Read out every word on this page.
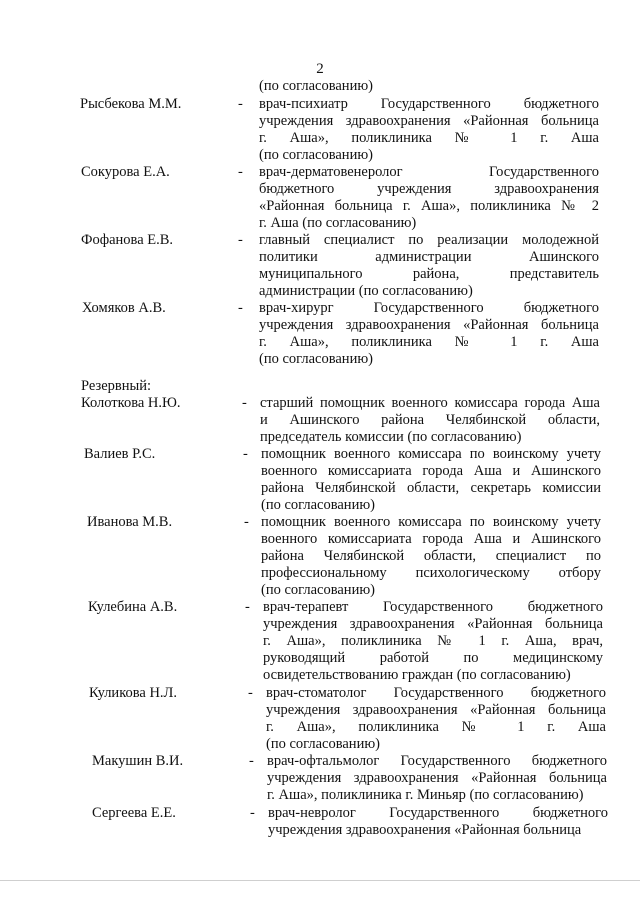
2
(по согласованию)
Резервный:
Рысбекова М.М.	- врач-психиатр Государственного бюджетного
учреждения здравоохранения «Районная больница
г. Аша», поликлиника № 1 г. Аша
(по согласованию)
Сокурова Е.А.	- врач-дерматовенеролог Государственного
бюджетного учреждения здравоохранения
«Районная больница г. Аша», поликлиника № 2
г. Аша (по согласованию)
Фофанова Е.В.	- главный специалист по реализации молодежной
политики администрации Ашинского
муниципального района, представитель
администрации (по согласованию)
Хомяков А.В.	- врач-хирург Государственного бюджетного
учреждения здравоохранения «Районная больница
г. Аша», поликлиника № 1 г. Аша
(по согласованию)
Колоткова Н.Ю.	- старший помощник военного комиссара города Аша
и Ашинского района Челябинской области,
председатель комиссии (по согласованию)
Валиев Р.С.	- помощник военного комиссара по воинскому учету
военного комиссариата города Аша и Ашинского
района Челябинской области, секретарь комиссии
(по согласованию)
Иванова М.В.	- помощник военного комиссара по воинскому учету
военного комиссариата города Аша и Ашинского
района Челябинской области, специалист по
профессиональному психологическому отбору
(по согласованию)
Кулебина А.В.	- врач-терапевт Государственного бюджетного
учреждения здравоохранения «Районная больница
г. Аша», поликлиника № 1 г. Аша, врач,
руководящий работой по медицинскому
освидетельствованию граждан (по согласованию)
Куликова Н.Л.	- врач-стоматолог Государственного бюджетного
учреждения здравоохранения «Районная больница
г. Аша», поликлиника № 1 г. Аша
(по согласованию)
Макушин В.И.	- врач-офтальмолог Государственного бюджетного
учреждения здравоохранения «Районная больница
г. Аша», поликлиника г. Миньяр (по согласованию)
Сергеева Е.Е.	- врач-невролог Государственного бюджетного
учреждения здравоохранения «Районная больница
